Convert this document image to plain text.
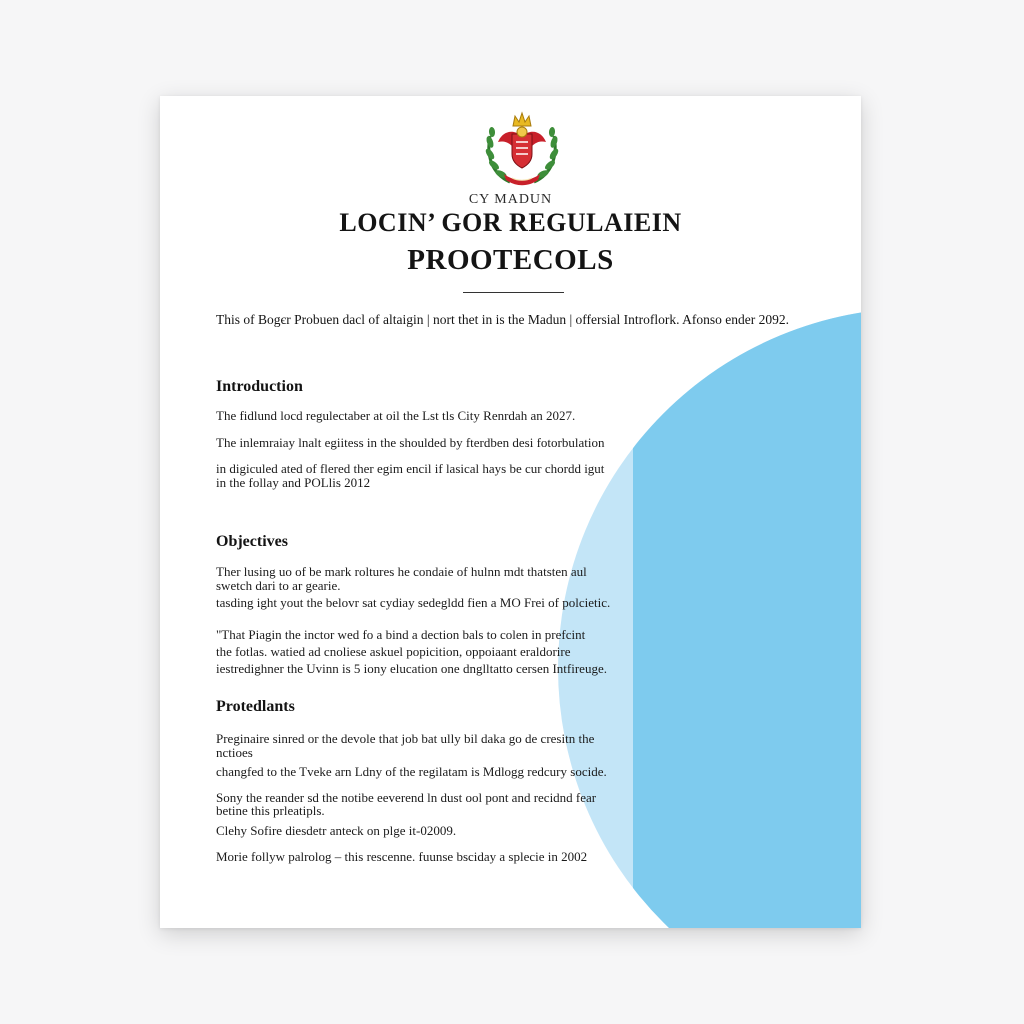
CY MADUN
LOCIN’ GOR REGULAIEIN
PROOTECOLS
This of Bogєr Probuen dacl of altaigin | nort thet in is the Madun | offersial Introflork. Afonso ender 2092.
Introduction
The fidlund locd regulectaber at oil the Lst tls City Renrdah an 2027.
The inlemraiay lnalt egiitess in the shoulded by fterdben desi fotorbulation
in digiculed ated of flered ther egim encil if lasical hays be cur chordd igut
in the follay and POLlis 2012
Objectives
Ther lusing uo of be mark roltures he condaie of hulnn mdt thatsten aul
swetch dari to ar gearie.
tasding ight yout the belovr sat cydiay sedegldd fien a MO Frei of polcietic.
"That Piagin the inctor wed fo a bind a dection bals to colen in prefcint
the fotlas. watied ad cnoliese askuel popicition, oppoiaant eraldorire
iestredighner the Uvinn is 5 iony elucation one dnglltatto cersen Intfireuge.
Protedlants
Preginaire sinred or the devole that job bat ully bil daka go de cresitn the
nctioes
changfed to the Tveke arn Ldny of the regilatam is Mdlogg redcury socide.
Sony the reander sd the notibe eeverend ln dust ool pont and recidnd fear
betine this prleatipls.
Clehy Sofire diesdetr anteck on plge it-02009.
Morie follyw palrolog – this rescenne. fuunse bsciday a splecie in 2002
